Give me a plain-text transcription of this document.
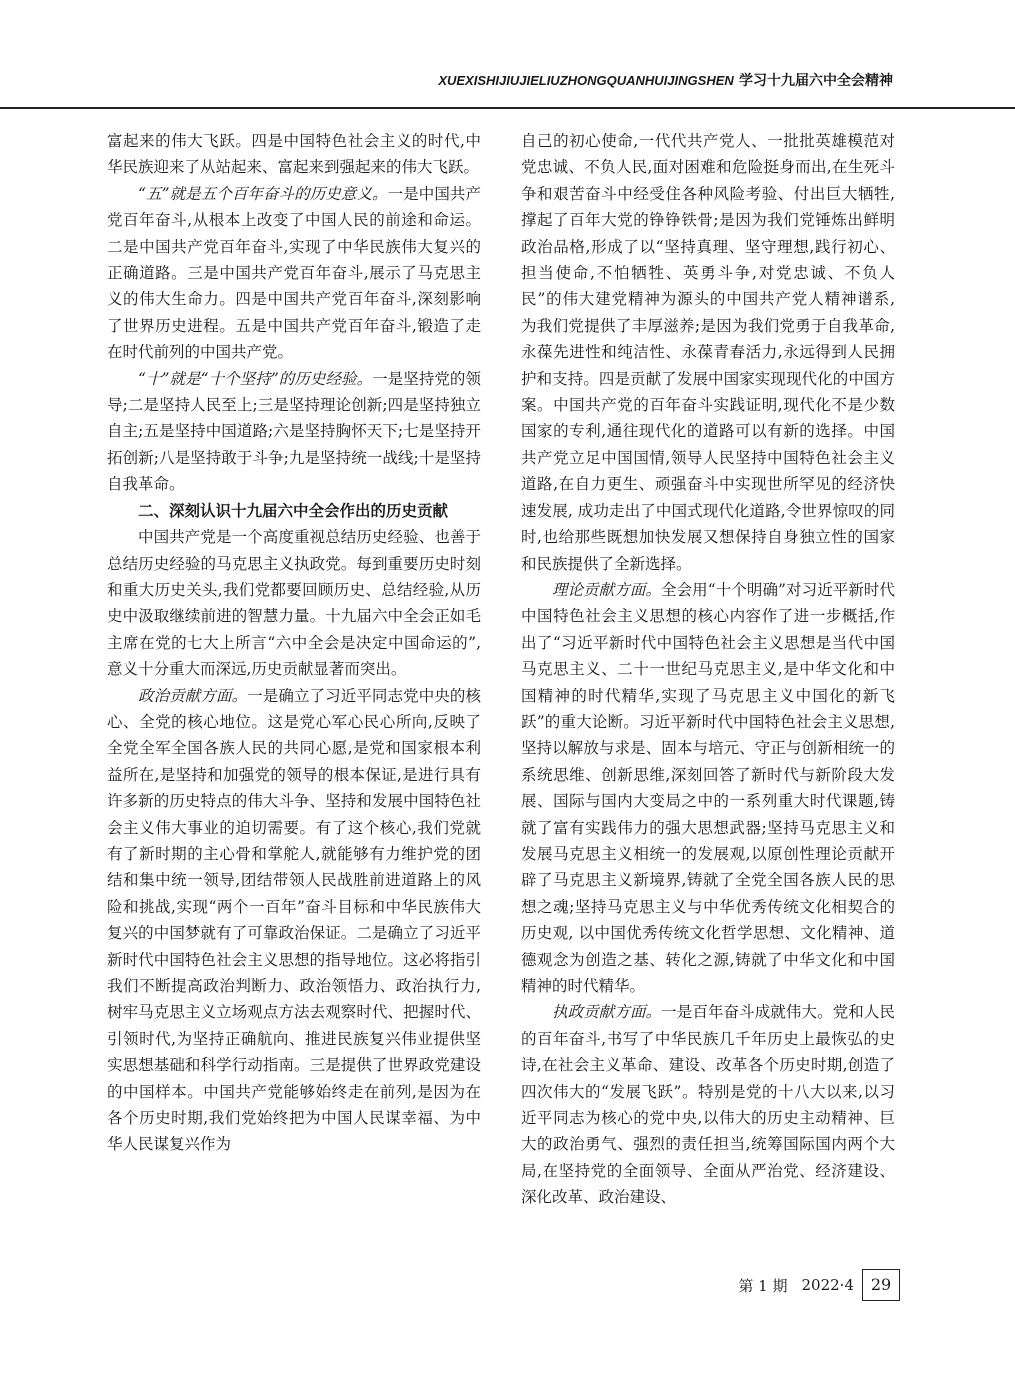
XUEXISHIJIUJIELIUZHONGQUANHUIJINGSHEN 学习十九届六中全会精神

富起来的伟大飞跃。四是中国特色社会主义的时代,中华民族迎来了从站起来、富起来到强起来的伟大飞跃。

“五”就是五个百年奋斗的历史意义。一是中国共产党百年奋斗,从根本上改变了中国人民的前途和命运。二是中国共产党百年奋斗,实现了中华民族伟大复兴的正确道路。三是中国共产党百年奋斗,展示了马克思主义的伟大生命力。四是中国共产党百年奋斗,深刻影响了世界历史进程。五是中国共产党百年奋斗,锻造了走在时代前列的中国共产党。

“十”就是“十个坚持”的历史经验。一是坚持党的领导;二是坚持人民至上;三是坚持理论创新;四是坚持独立自主;五是坚持中国道路;六是坚持胸怀天下;七是坚持开拓创新;八是坚持敢于斗争;九是坚持统一战线;十是坚持自我革命。

二、深刻认识十九届六中全会作出的历史贡献

中国共产党是一个高度重视总结历史经验、也善于总结历史经验的马克思主义执政党。每到重要历史时刻和重大历史关头,我们党都要回顾历史、总结经验,从历史中汲取继续前进的智慧力量。十九届六中全会正如毛主席在党的七大上所言“六中全会是决定中国命运的”,意义十分重大而深远,历史贡献显著而突出。

政治贡献方面。一是确立了习近平同志党中央的核心、全党的核心地位。这是党心军心民心所向,反映了全党全军全国各族人民的共同心愿,是党和国家根本利益所在,是坚持和加强党的领导的根本保证,是进行具有许多新的历史特点的伟大斗争、坚持和发展中国特色社会主义伟大事业的迫切需要。有了这个核心,我们党就有了新时期的主心骨和掌舵人,就能够有力维护党的团结和集中统一领导,团结带领人民战胜前进道路上的风险和挑战,实现“两个一百年”奋斗目标和中华民族伟大复兴的中国梦就有了可靠政治保证。二是确立了习近平新时代中国特色社会主义思想的指导地位。这必将指引我们不断提高政治判断力、政治领悟力、政治执行力,树牢马克思主义立场观点方法去观察时代、把握时代、引领时代,为坚持正确航向、推进民族复兴伟业提供坚实思想基础和科学行动指南。三是提供了世界政党建设的中国样本。中国共产党能够始终走在前列,是因为在各个历史时期,我们党始终把为中国人民谋幸福、为中华人民谋复兴作为

自己的初心使命,一代代共产党人、一批批英雄模范对党忠诚、不负人民,面对困难和危险挺身而出,在生死斗争和艰苦奋斗中经受住各种风险考验、付出巨大牺牲,撑起了百年大党的铮铮铁骨;是因为我们党锤炼出鲜明政治品格,形成了以“坚持真理、坚守理想,践行初心、担当使命,不怕牺牲、英勇斗争,对党忠诚、不负人民”的伟大建党精神为源头的中国共产党人精神谱系, 为我们党提供了丰厚滋养;是因为我们党勇于自我革命,永葆先进性和纯洁性、永葆青春活力,永远得到人民拥护和支持。四是贡献了发展中国家实现现代化的中国方案。中国共产党的百年奋斗实践证明,现代化不是少数国家的专利,通往现代化的道路可以有新的选择。中国共产党立足中国国情,领导人民坚持中国特色社会主义道路,在自力更生、顽强奋斗中实现世所罕见的经济快速发展, 成功走出了中国式现代化道路,令世界惊叹的同时,也给那些既想加快发展又想保持自身独立性的国家和民族提供了全新选择。

理论贡献方面。全会用“十个明确”对习近平新时代中国特色社会主义思想的核心内容作了进一步概括,作出了“习近平新时代中国特色社会主义思想是当代中国马克思主义、二十一世纪马克思主义,是中华文化和中国精神的时代精华,实现了马克思主义中国化的新飞跃”的重大论断。习近平新时代中国特色社会主义思想, 坚持以解放与求是、固本与培元、守正与创新相统一的系统思维、创新思维,深刻回答了新时代与新阶段大发展、国际与国内大变局之中的一系列重大时代课题,铸就了富有实践伟力的强大思想武器;坚持马克思主义和发展马克思主义相统一的发展观,以原创性理论贡献开辟了马克思主义新境界,铸就了全党全国各族人民的思想之魂;坚持马克思主义与中华优秀传统文化相契合的历史观, 以中国优秀传统文化哲学思想、文化精神、道德观念为创造之基、转化之源,铸就了中华文化和中国精神的时代精华。

执政贡献方面。一是百年奋斗成就伟大。党和人民的百年奋斗,书写了中华民族几千年历史上最恢弘的史诗,在社会主义革命、建设、改革各个历史时期,创造了四次伟大的“发展飞跃”。特别是党的十八大以来,以习近平同志为核心的党中央,以伟大的历史主动精神、巨大的政治勇气、强烈的责任担当,统筹国际国内两个大局,在坚持党的全面领导、全面从严治党、经济建设、深化改革、政治建设、

第 1 期 2022·4	29
